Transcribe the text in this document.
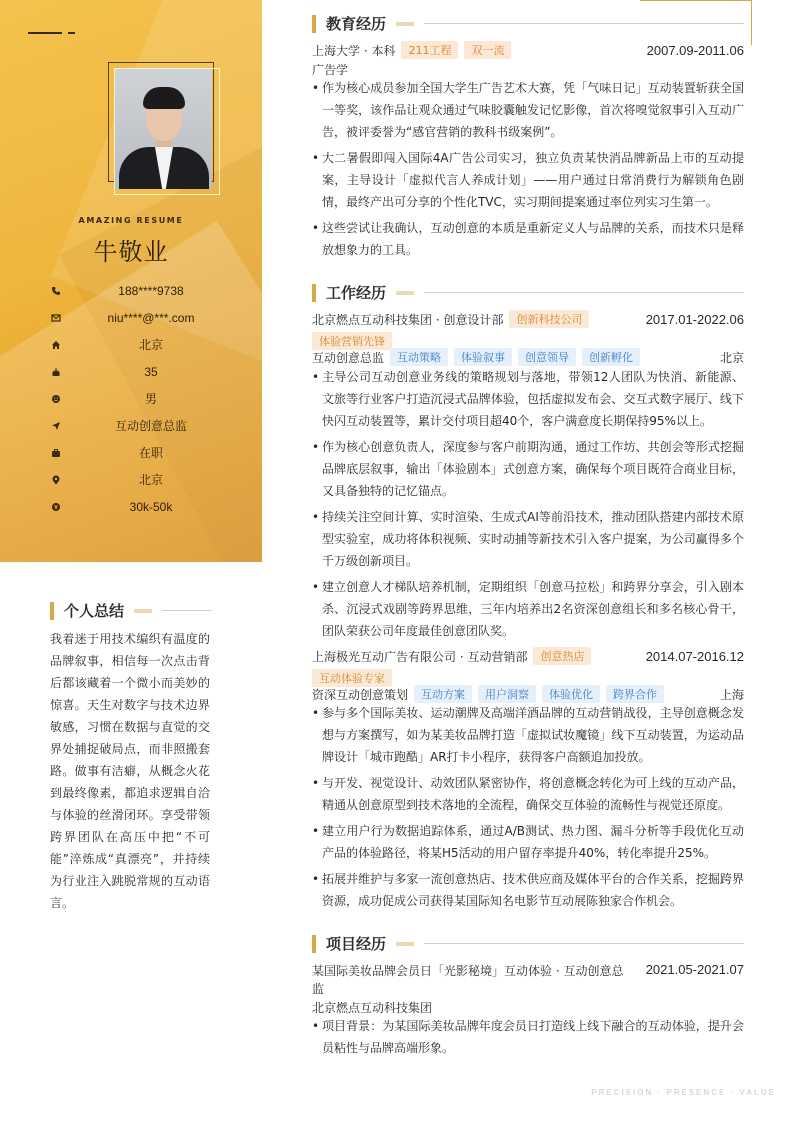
AMAZING RESUME
牛敬业
188****9738
niu****@***.com
北京
35
男
互动创意总监
在职
北京
30k-50k
个人总结
我着迷于用技术编织有温度的品牌叙事，相信每一次点击背后都该藏着一个微小而美妙的惊喜。天生对数字与技术边界敏感，习惯在数据与直觉的交界处捕捉破局点，而非照搬套路。做事有洁癖，从概念火花到最终像素，都追求逻辑自洽与体验的丝滑闭环。享受带领跨界团队在高压中把“不可能”淬炼成“真漂亮”，并持续为行业注入跳脱常规的互动语言。
教育经历
上海大学 · 本科	211工程	双一流	2007.09-2011.06
广告学
• 作为核心成员参加全国大学生广告艺术大赛，凭「气味日记」互动装置斩获全国一等奖，该作品让观众通过气味胶囊触发记忆影像，首次将嗅觉叙事引入互动广告，被评委誉为“感官营销的教科书级案例”。
• 大二暑假即闯入国际4A广告公司实习，独立负责某快消品牌新品上市的互动提案，主导设计「虚拟代言人养成计划」——用户通过日常消费行为解锁角色剧情，最终产出可分享的个性化TVC，实习期间提案通过率位列实习生第一。
• 这些尝试让我确认，互动创意的本质是重新定义人与品牌的关系，而技术只是释放想象力的工具。
工作经历
北京燃点互动科技集团 · 创意设计部	创新科技公司	2017.01-2022.06
体验营销先锋
互动创意总监	互动策略	体验叙事	创意领导	创新孵化	北京
• 主导公司互动创意业务线的策略规划与落地，带领12人团队为快消、新能源、文旅等行业客户打造沉浸式品牌体验，包括虚拟发布会、交互式数字展厅、线下快闪互动装置等，累计交付项目超40个，客户满意度长期保持95%以上。
• 作为核心创意负责人，深度参与客户前期沟通，通过工作坊、共创会等形式挖掘品牌底层叙事，输出「体验剧本」式创意方案，确保每个项目既符合商业目标，又具备独特的记忆锚点。
• 持续关注空间计算、实时渲染、生成式AI等前沿技术，推动团队搭建内部技术原型实验室，成功将体积视频、实时动捕等新技术引入客户提案，为公司赢得多个千万级创新项目。
• 建立创意人才梯队培养机制，定期组织「创意马拉松」和跨界分享会，引入剧本杀、沉浸式戏剧等跨界思维，三年内培养出2名资深创意组长和多名核心骨干，团队荣获公司年度最佳创意团队奖。
上海极光互动广告有限公司 · 互动营销部	创意热店	2014.07-2016.12
互动体验专家
资深互动创意策划	互动方案	用户洞察	体验优化	跨界合作	上海
• 参与多个国际美妆、运动潮牌及高端洋酒品牌的互动营销战役，主导创意概念发想与方案撰写，如为某美妆品牌打造「虚拟试妆魔镜」线下互动装置，为运动品牌设计「城市跑酷」AR打卡小程序，获得客户高额追加投放。
• 与开发、视觉设计、动效团队紧密协作，将创意概念转化为可上线的互动产品，精通从创意原型到技术落地的全流程，确保交互体验的流畅性与视觉还原度。
• 建立用户行为数据追踪体系，通过A/B测试、热力图、漏斗分析等手段优化互动产品的体验路径，将某H5活动的用户留存率提升40%，转化率提升25%。
• 拓展并维护与多家一流创意热店、技术供应商及媒体平台的合作关系，挖掘跨界资源，成功促成公司获得某国际知名电影节互动展陈独家合作机会。
项目经历
某国际美妆品牌会员日「光影秘境」互动体验 · 互动创意总
监
2021.05-2021.07
北京燃点互动科技集团
• 项目背景：为某国际美妆品牌年度会员日打造线上线下融合的互动体验，提升会员粘性与品牌高端形象。
PRECISION · PRESENCE · VALUE
